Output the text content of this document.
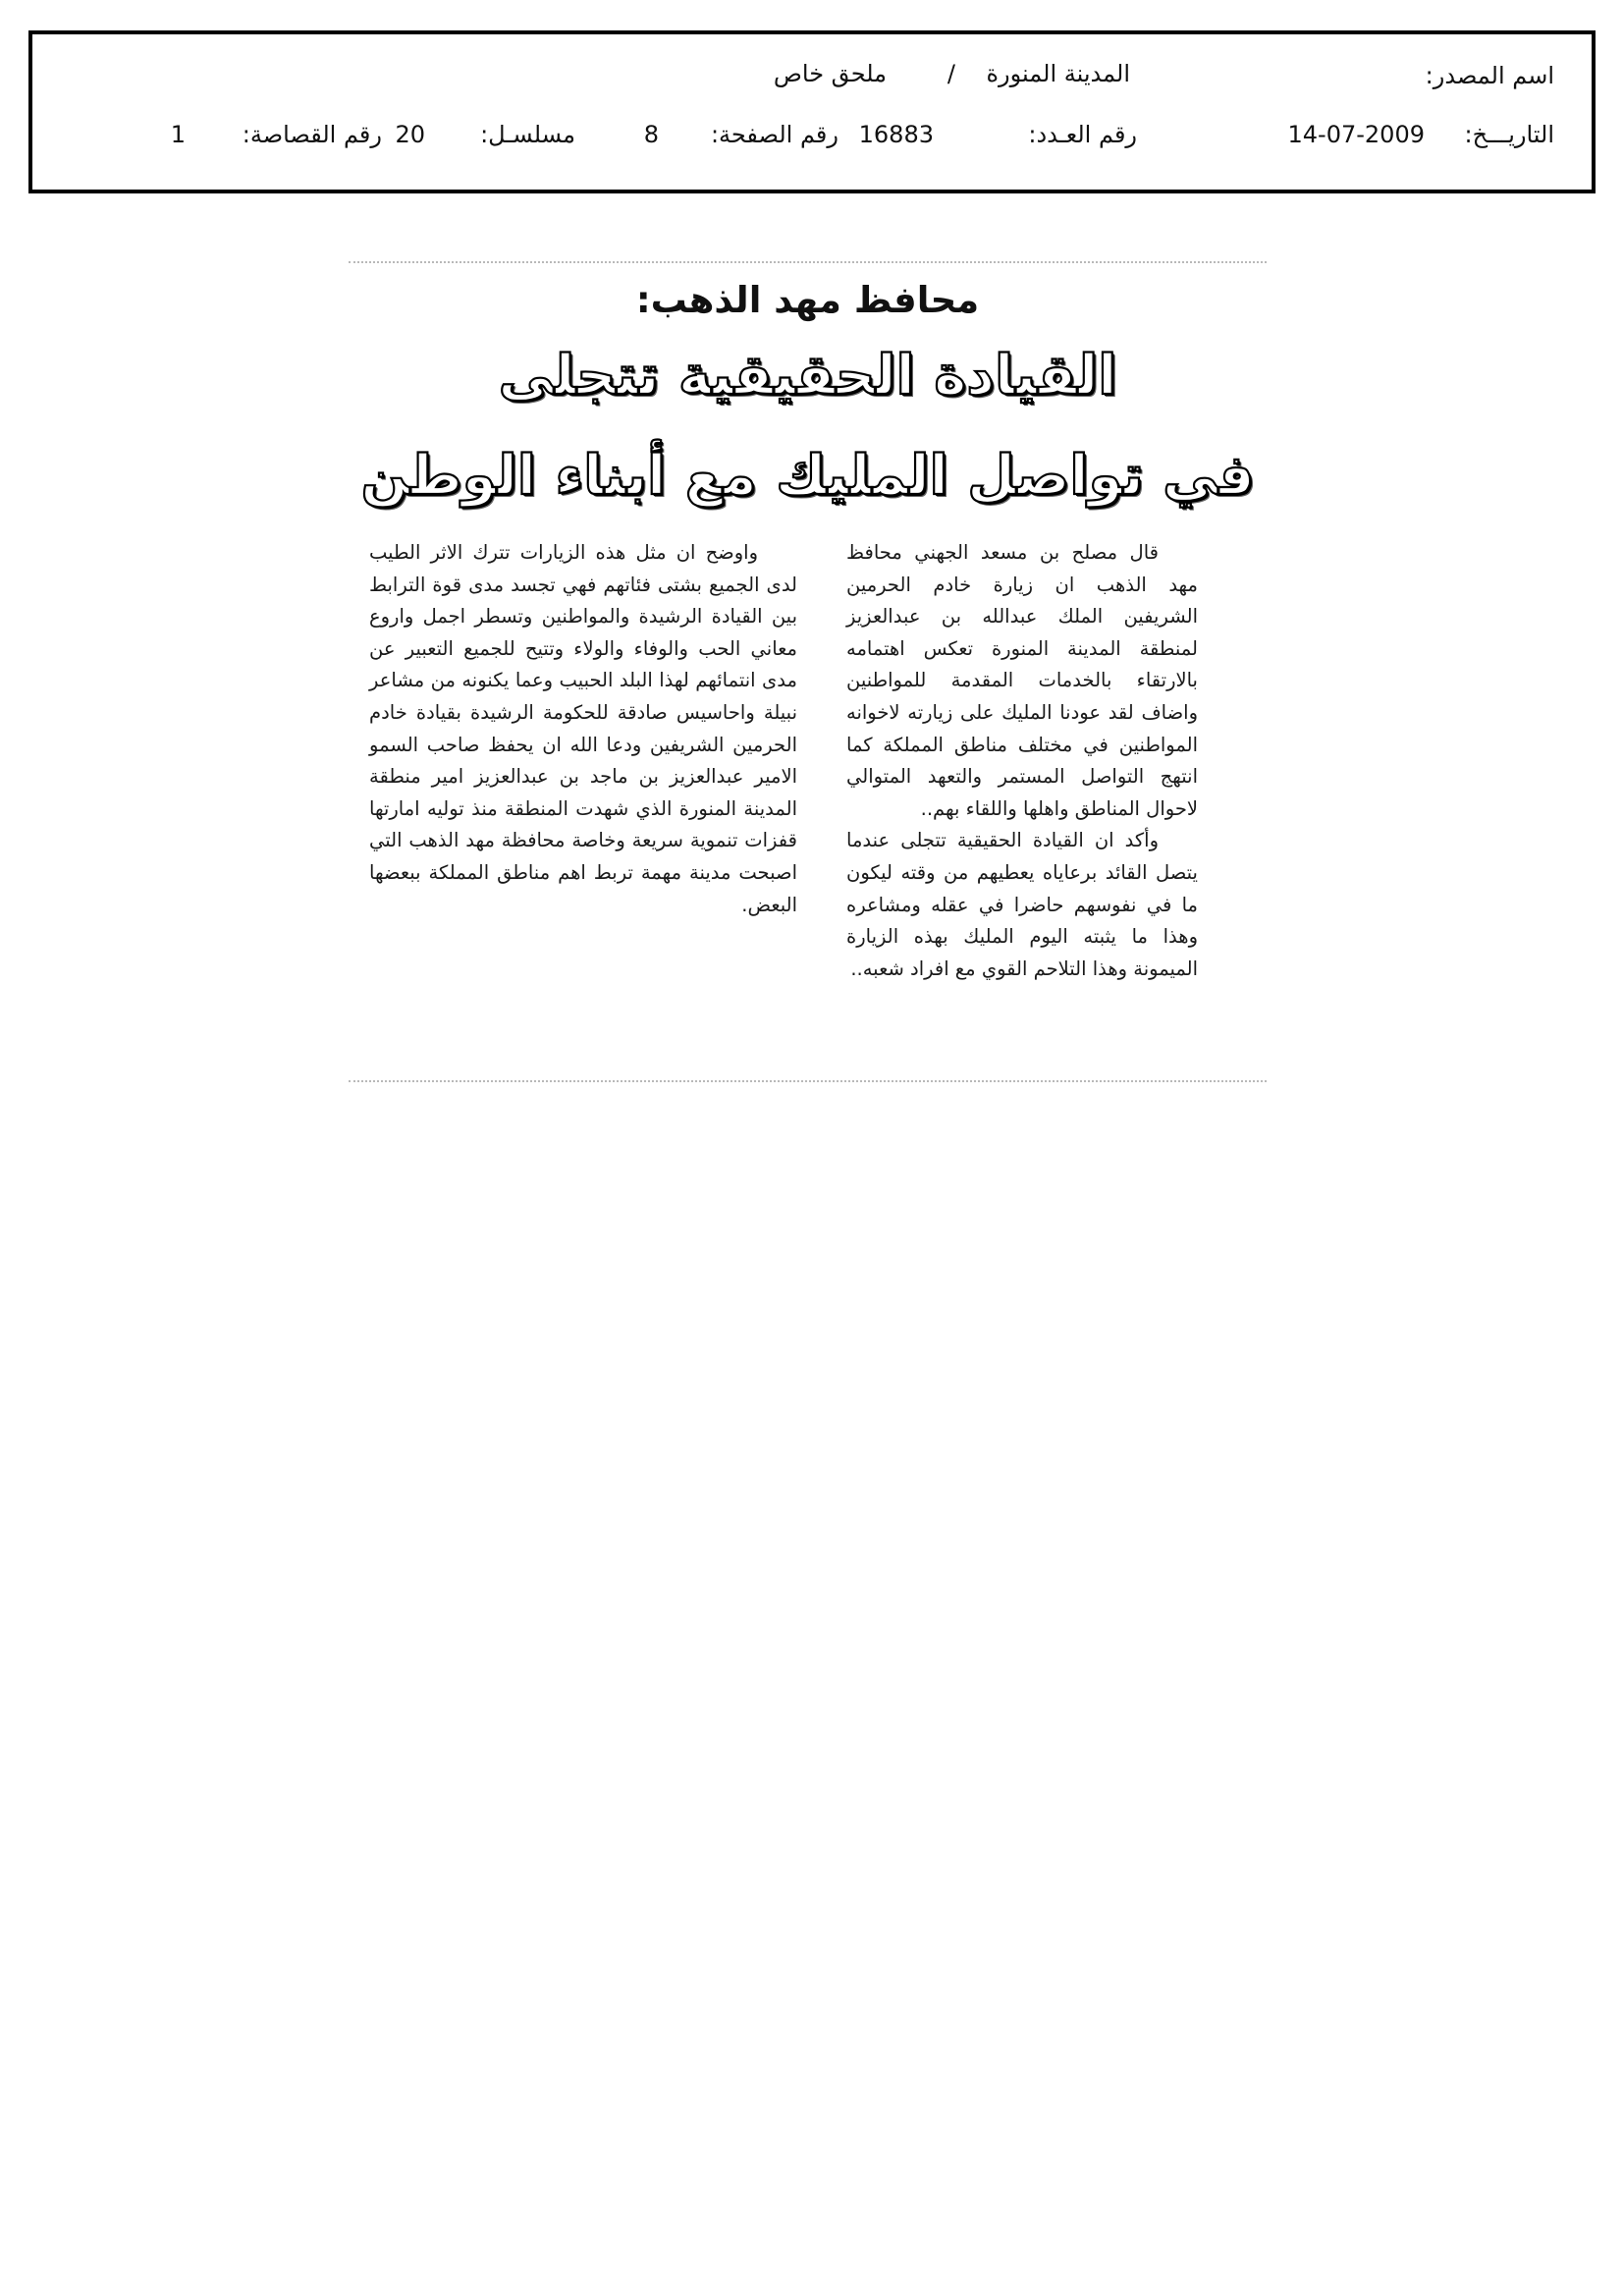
اسم المصدر:
المدينة المنورة
/
ملحق خاص
التاريـــخ:
14-07-2009
رقم العـدد:
16883
رقم الصفحة:
8
مسلسـل:
20
رقم القصاصة:
1
محافظ مهد الذهب:
القيادة الحقيقية تتجلى
في تواصل المليك مع أبناء الوطن

قال مصلح بن مسعد الجهني محافظ مهد الذهب ان زيارة خادم الحرمين الشريفين الملك عبدالله بن عبدالعزيز لمنطقة المدينة المنورة تعكس اهتمامه بالارتقاء بالخدمات المقدمة للمواطنين واضاف لقد عودنا المليك على زيارته لاخوانه المواطنين في مختلف مناطق المملكة كما انتهج التواصل المستمر والتعهد المتوالي لاحوال المناطق واهلها واللقاء بهم..

وأكد ان القيادة الحقيقية تتجلى عندما يتصل القائد برعاياه يعطيهم من وقته ليكون ما في نفوسهم حاضرا في عقله ومشاعره وهذا ما يثبته اليوم المليك بهذه الزيارة الميمونة وهذا التلاحم القوي مع افراد شعبه..

واوضح ان مثل هذه الزيارات تترك الاثر الطيب لدى الجميع بشتى فئاتهم فهي تجسد مدى قوة الترابط بين القيادة الرشيدة والمواطنين وتسطر اجمل واروع معاني الحب والوفاء والولاء وتتيح للجميع التعبير عن مدى انتمائهم لهذا البلد الحبيب وعما يكنونه من مشاعر نبيلة واحاسيس صادقة للحكومة الرشيدة بقيادة خادم الحرمين الشريفين ودعا الله ان يحفظ صاحب السمو الامير عبدالعزيز بن ماجد بن عبدالعزيز امير منطقة المدينة المنورة الذي شهدت المنطقة منذ توليه امارتها قفزات تنموية سريعة وخاصة محافظة مهد الذهب التي اصبحت مدينة مهمة تربط اهم مناطق المملكة ببعضها البعض.
